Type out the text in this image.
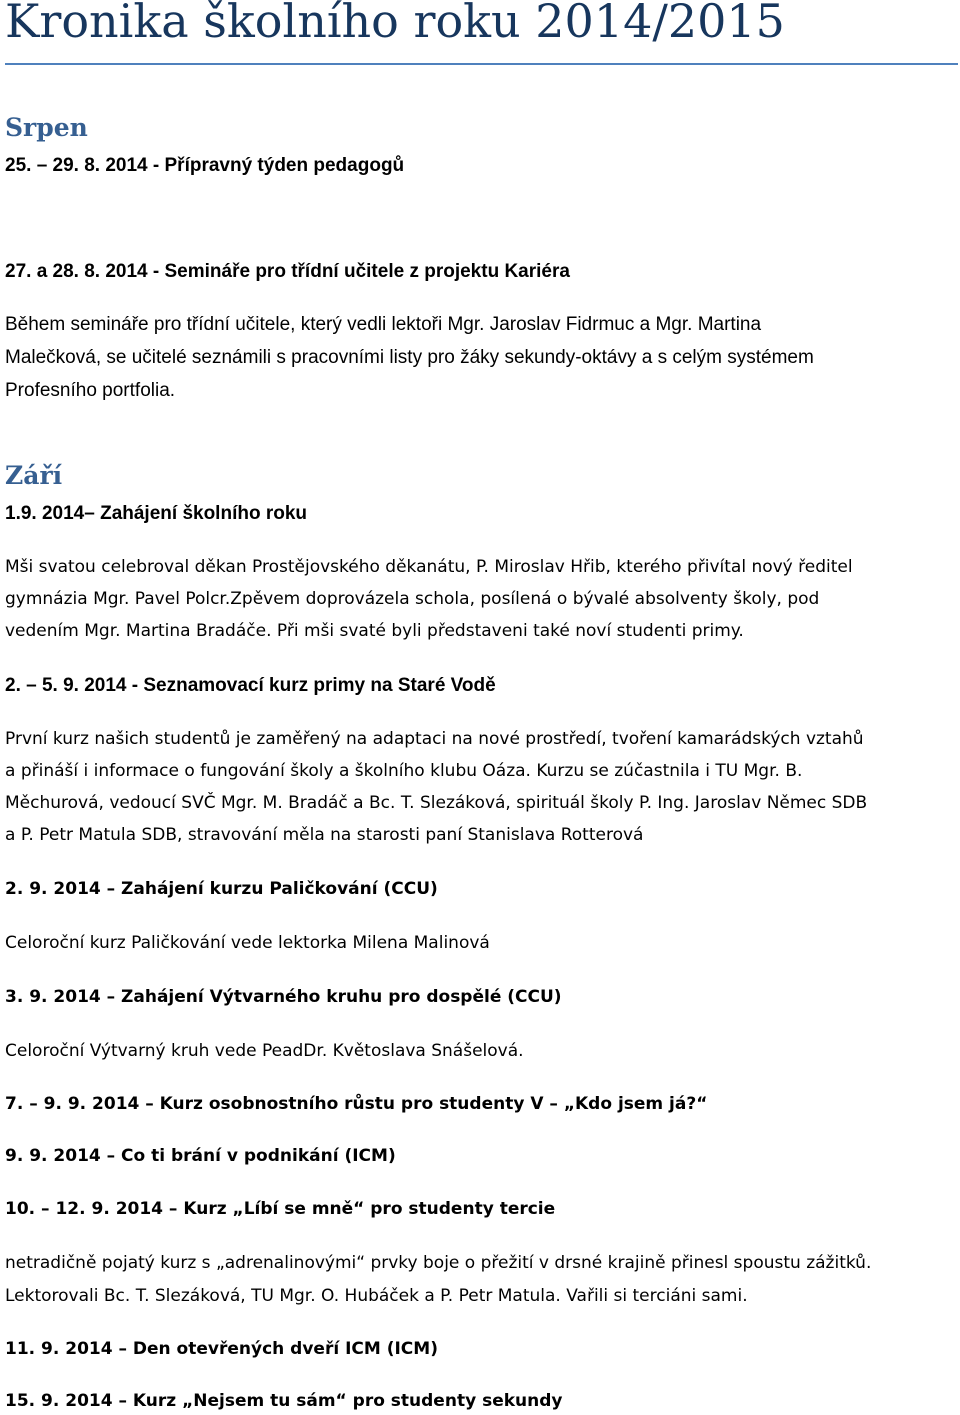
Kronika školního roku 2014/2015
Srpen
25. – 29. 8. 2014 - Přípravný týden pedagogů
27. a 28. 8. 2014 - Semináře pro třídní učitele z projektu Kariéra
Během semináře pro třídní učitele, který vedli lektoři Mgr. Jaroslav Fidrmuc a Mgr. Martina
Malečková, se učitelé seznámili s pracovními listy pro žáky sekundy-oktávy a s celým systémem
Profesního portfolia.
Září
1.9. 2014– Zahájení školního roku
Mši svatou celebroval děkan Prostějovského děkanátu, P. Miroslav Hřib, kterého přivítal nový ředitel
gymnázia Mgr. Pavel Polcr.Zpěvem doprovázela schola, posílená o bývalé absolventy školy, pod
vedením Mgr. Martina Bradáče. Při mši svaté byli představeni také noví studenti primy.
2. – 5. 9. 2014 - Seznamovací kurz primy na Staré Vodě
První kurz našich studentů je zaměřený na adaptaci na nové prostředí, tvoření kamarádských vztahů
a přináší i informace o fungování školy a školního klubu Oáza. Kurzu se zúčastnila i TU Mgr. B.
Měchurová, vedoucí SVČ Mgr. M. Bradáč a Bc. T. Slezáková, spirituál školy P. Ing. Jaroslav Němec SDB
a P. Petr Matula SDB, stravování měla na starosti paní Stanislava Rotterová
2. 9. 2014 – Zahájení kurzu Paličkování (CCU)
Celoroční kurz Paličkování vede lektorka Milena Malinová
3. 9. 2014 – Zahájení Výtvarného kruhu pro dospělé (CCU)
Celoroční Výtvarný kruh vede PeadDr. Květoslava Snášelová.
7. – 9. 9. 2014 – Kurz osobnostního růstu pro studenty V – „Kdo jsem já?“
9. 9. 2014 – Co ti brání v podnikání (ICM)
10. – 12. 9. 2014 – Kurz „Líbí se mně“ pro studenty tercie
netradičně pojatý kurz s „adrenalinovými“ prvky boje o přežití v drsné krajině přinesl spoustu zážitků.
Lektorovali Bc. T. Slezáková, TU Mgr. O. Hubáček a P. Petr Matula. Vařili si terciáni sami.
11. 9. 2014 – Den otevřených dveří ICM (ICM)
15. 9. 2014 – Kurz „Nejsem tu sám“ pro studenty sekundy
